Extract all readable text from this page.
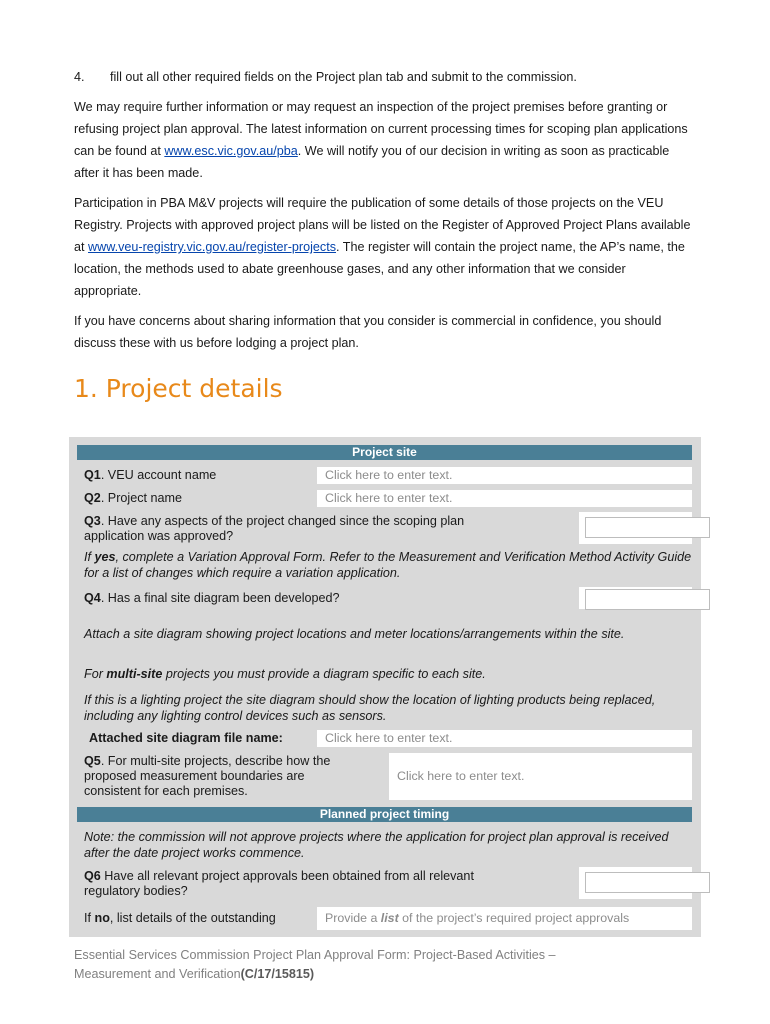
4. fill out all other required fields on the Project plan tab and submit to the commission.

We may require further information or may request an inspection of the project premises before granting or refusing project plan approval. The latest information on current processing times for scoping plan applications can be found at www.esc.vic.gov.au/pba. We will notify you of our decision in writing as soon as practicable after it has been made.

Participation in PBA M&V projects will require the publication of some details of those projects on the VEU Registry. Projects with approved project plans will be listed on the Register of Approved Project Plans available at www.veu-registry.vic.gov.au/register-projects. The register will contain the project name, the AP’s name, the location, the methods used to abate greenhouse gases, and any other information that we consider appropriate.

If you have concerns about sharing information that you consider is commercial in confidence, you should discuss these with us before lodging a project plan.

1. Project details
Project site
Q1. VEU account name	Click here to enter text.
Q2. Project name	Click here to enter text.
Q3. Have any aspects of the project changed since the scoping plan
application was approved?
If yes, complete a Variation Approval Form. Refer to the Measurement and Verification Method Activity Guide for a list of changes which require a variation application.
Q4. Has a final site diagram been developed?
Attach a site diagram showing project locations and meter locations/arrangements within the site.
For multi-site projects you must provide a diagram specific to each site.
If this is a lighting project the site diagram should show the location of lighting products being replaced, including any lighting control devices such as sensors.
Attached site diagram file name:	Click here to enter text.
Q5. For multi-site projects, describe how the
proposed measurement boundaries are
consistent for each premises.
Click here to enter text.
Planned project timing
Note: the commission will not approve projects where the application for project plan approval is received after the date project works commence.
Q6 Have all relevant project approvals been obtained from all relevant
regulatory bodies?
If no, list details of the outstanding	Provide a list of the project’s required project approvals
Essential Services Commission Project Plan Approval Form: Project-Based Activities –
Measurement and Verification(C/17/15815)
